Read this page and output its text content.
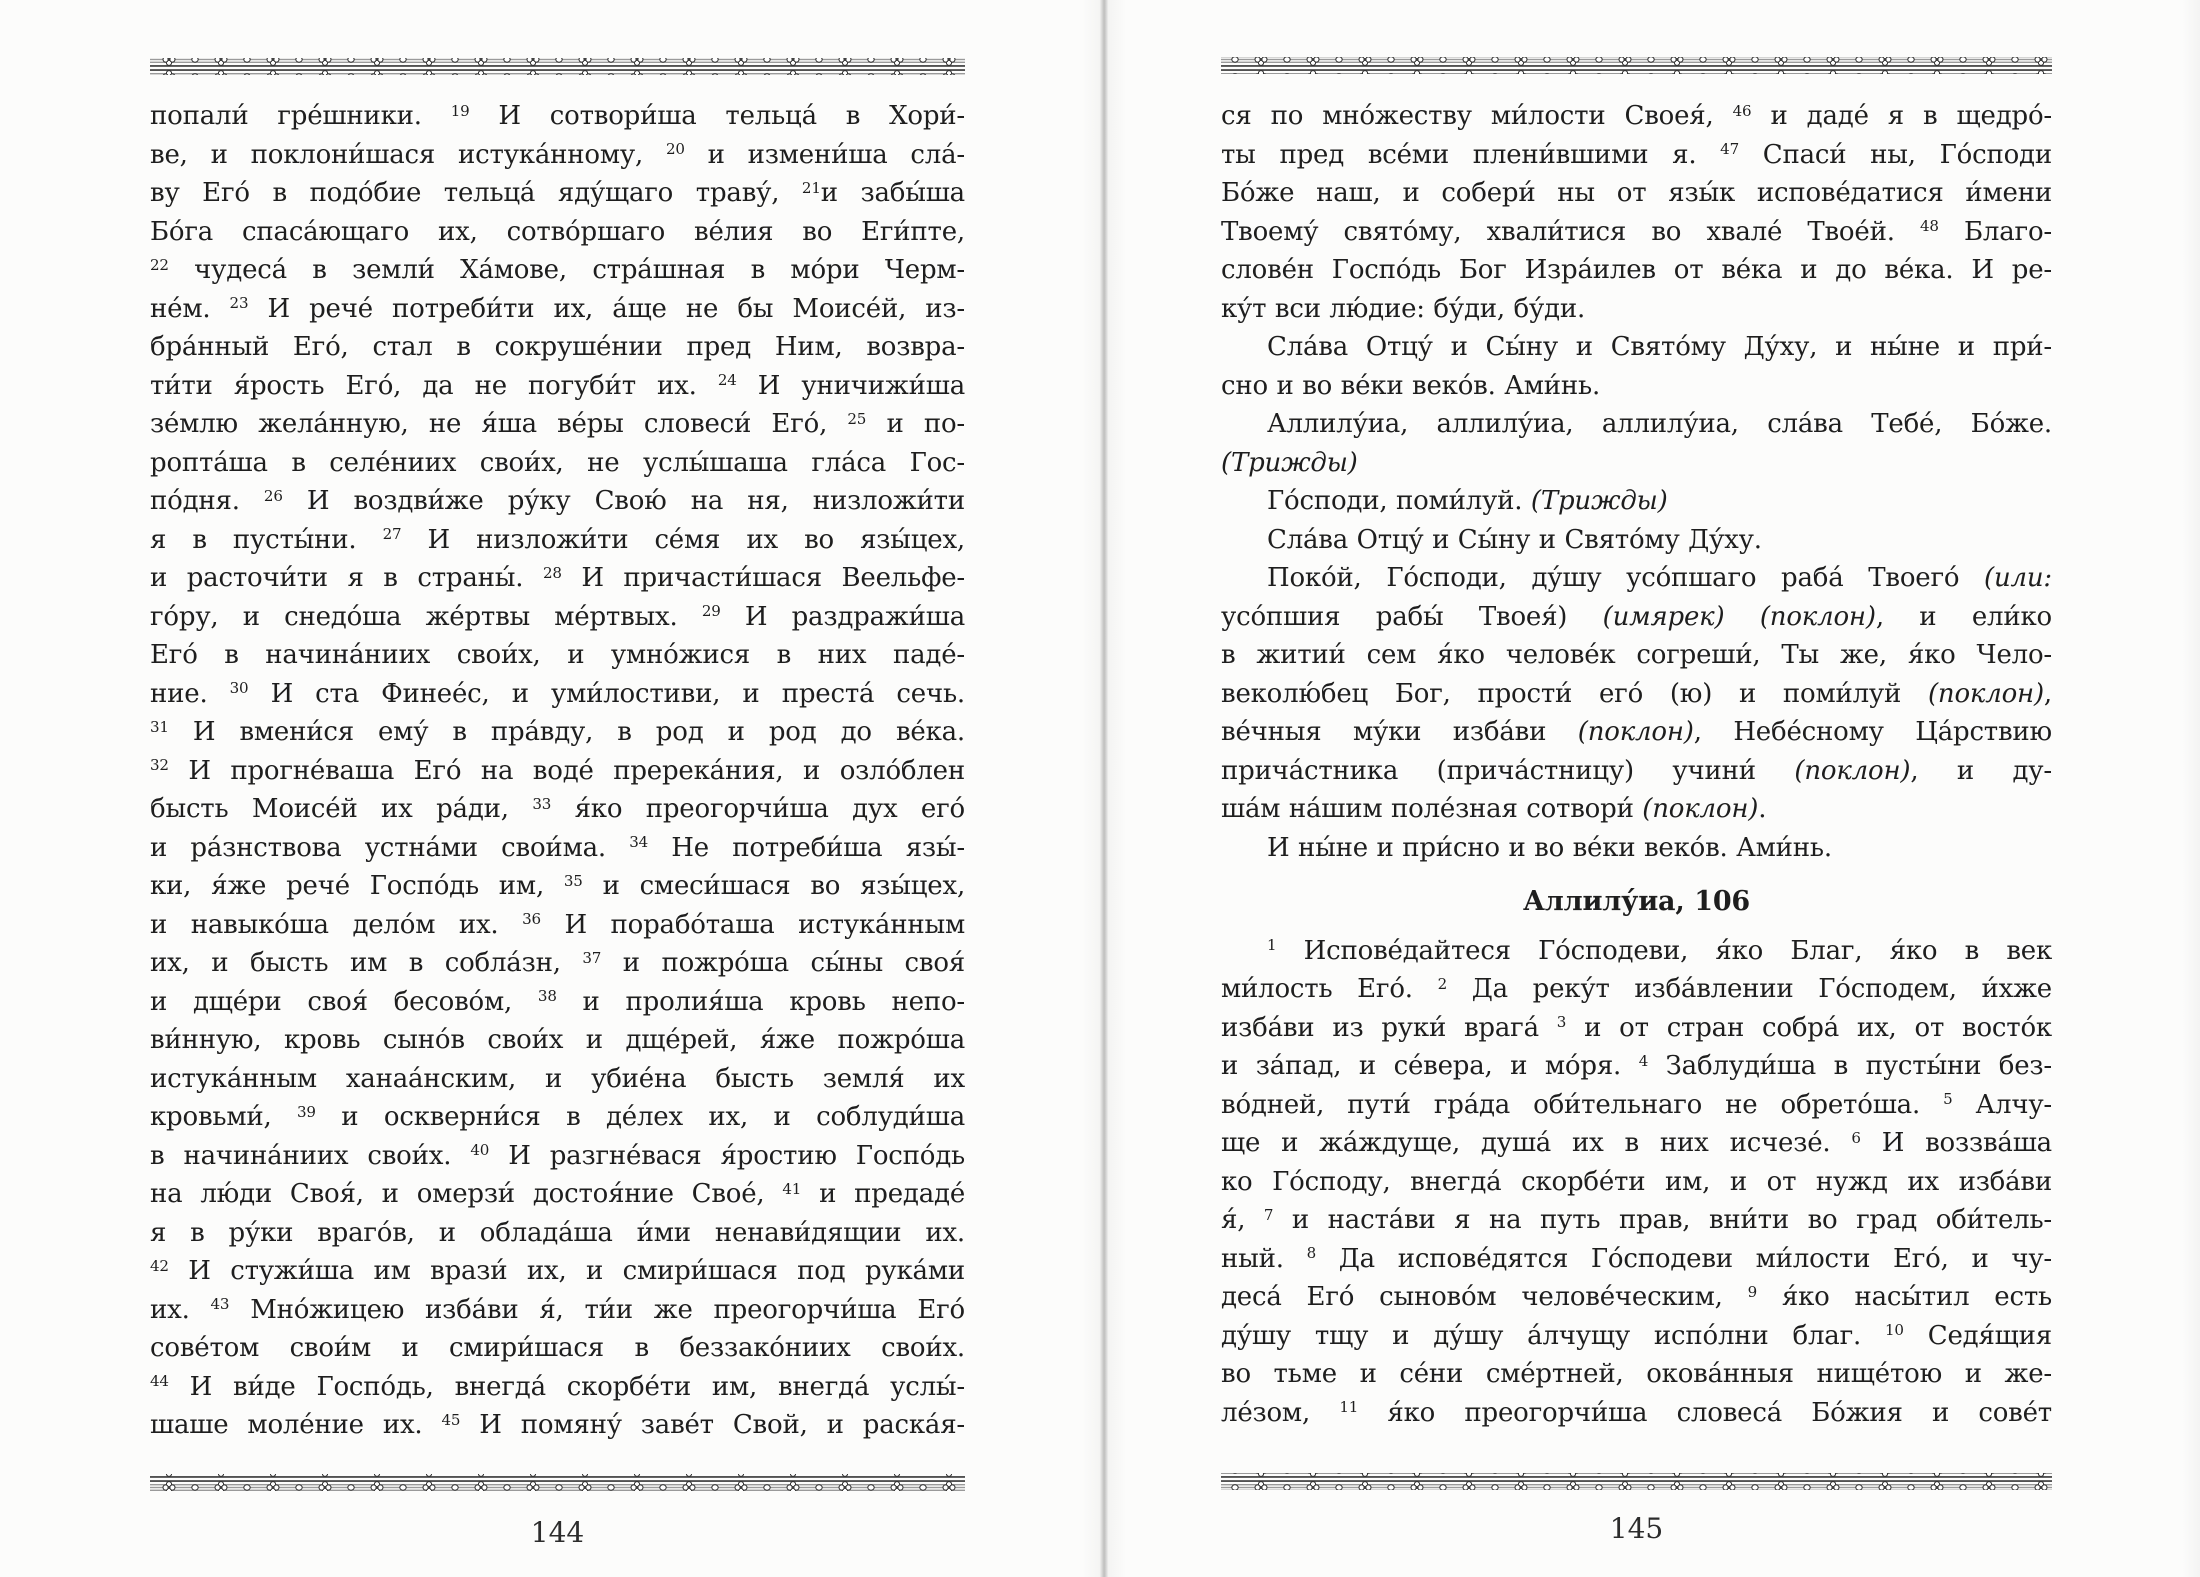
попали́ гре́шники. $^{19}$ И сотвори́ша тельца́ в Хори́-
ве, и поклони́шася истука́нному, $^{20}$ и измени́ша сла́-
ву Его́ в подо́бие тельца́ яду́щаго траву́, $^{21}$и забы́ша
Бо́га спаса́ющаго их, сотво́ршаго ве́лия во Еги́пте,
$^{22}$ чудеса́ в земли́ Ха́мове, стра́шная в мо́ри Черм-
не́м. $^{23}$ И рече́ потреби́ти их, а́ще не бы Моисе́й, из-
бра́нный Его́, стал в сокруше́нии пред Ним, возвра-
ти́ти я́рость Его́, да не погуби́т их. $^{24}$ И уничижи́ша
зе́млю жела́нную, не я́ша ве́ры словеси́ Его́, $^{25}$ и по-
ропта́ша в селе́ниих свои́х, не услы́шаша гла́са Гос-
по́дня. $^{26}$ И воздви́же ру́ку Свою́ на ня, низложи́ти
я в пусты́ни. $^{27}$ И низложи́ти се́мя их во язы́цех,
и расточи́ти я в страны́. $^{28}$ И причасти́шася Веельфе-
го́ру, и снедо́ша же́ртвы ме́ртвых. $^{29}$ И раздражи́ша
Его́ в начина́ниих свои́х, и умно́жися в них паде́-
ние. $^{30}$ И ста Финее́с, и уми́лостиви, и преста́ сечь.
$^{31}$ И вмени́ся ему́ в пра́вду, в род и род до ве́ка.
$^{32}$ И прогне́ваша Его́ на воде́ пререка́ния, и озло́блен
бысть Моисе́й их ра́ди, $^{33}$ я́ко преогорчи́ша дух его́
и ра́знствова устна́ми свои́ма. $^{34}$ Не потреби́ша язы́-
ки, я́же рече́ Госпо́дь им, $^{35}$ и смеси́шася во язы́цех,
и навыко́ша дело́м их. $^{36}$ И порабо́таша истука́нным
их, и бысть им в собла́зн, $^{37}$ и пожро́ша сы́ны своя́
и дще́ри своя́ бесово́м, $^{38}$ и пролия́ша кровь непо-
ви́нную, кровь сыно́в свои́х и дще́рей, я́же пожро́ша
истука́нным ханаа́нским, и убие́на бысть земля́ их
кровьми́, $^{39}$ и оскверни́ся в де́лех их, и соблуди́ша
в начина́ниих свои́х. $^{40}$ И разгне́вася я́ростию Госпо́дь
на лю́ди Своя́, и омерзи́ достоя́ние Свое́, $^{41}$ и предаде́
я в ру́ки враго́в, и облада́ша и́ми ненави́дящии их.
$^{42}$ И стужи́ша им врази́ их, и смири́шася под рука́ми
их. $^{43}$ Мно́жицею изба́ви я́, ти́и же преогорчи́ша Его́
сове́том свои́м и смири́шася в беззако́ниих свои́х.
$^{44}$ И ви́де Госпо́дь, внегда́ скорбе́ти им, внегда́ услы́-
шаше моле́ние их. $^{45}$ И помяну́ заве́т Свой, и раска́я-
144
ся по мно́жеству ми́лости Своея́, $^{46}$ и даде́ я в щедро́-
ты пред все́ми плени́вшими я. $^{47}$ Спаси́ ны, Го́споди
Бо́же наш, и собери́ ны от язы́к испове́датися и́мени
Твоему́ свято́му, хвали́тися во хвале́ Твое́й. $^{48}$ Благо-
слове́н Госпо́дь Бог Изра́илев от ве́ка и до ве́ка. И ре-
ку́т вси лю́дие: бу́ди, бу́ди.
Сла́ва Отцу́ и Сы́ну и Свято́му Ду́ху, и ны́не и при́-
сно и во ве́ки веко́в. Ами́нь.
Аллилу́иа, аллилу́иа, аллилу́иа, сла́ва Тебе́, Бо́же.
(Трижды)
Го́споди, поми́луй. (Трижды)
Сла́ва Отцу́ и Сы́ну и Свято́му Ду́ху.
Поко́й, Го́споди, ду́шу усо́пшаго раба́ Твоего́ (или:
усо́пшия рабы́ Твоея́) (имярек) (поклон), и ели́ко
в житии́ сем я́ко челове́к согреши́, Ты же, я́ко Чело-
веколю́бец Бог, прости́ его́ (ю) и поми́луй (поклон),
ве́чныя му́ки изба́ви (поклон), Небе́сному Ца́рствию
прича́стника (прича́стницу) учини́ (поклон), и ду-
ша́м на́шим поле́зная сотвори́ (поклон).
И ны́не и при́сно и во ве́ки веко́в. Ами́нь.
Аллилу́иа, 106
$^1$ Испове́дайтеся Го́сподеви, я́ко Благ, я́ко в век
ми́лость Его́. $^2$ Да реку́т изба́влении Го́сподем, и́хже
изба́ви из руки́ врага́ $^3$ и от стран собра́ их, от восто́к
и за́пад, и се́вера, и мо́ря. $^4$ Заблуди́ша в пусты́ни без-
во́дней, пути́ гра́да оби́тельнаго не обрето́ша. $^5$ Алчу-
ще и жа́ждуще, душа́ их в них исчезе́. $^6$ И воззва́ша
ко Го́споду, внегда́ скорбе́ти им, и от нужд их изба́ви
я́, $^7$ и наста́ви я на путь прав, вни́ти во град оби́тель-
ный. $^8$ Да испове́дятся Го́сподеви ми́лости Его́, и чу-
деса́ Его́ сыново́м челове́ческим, $^9$ я́ко насы́тил есть
ду́шу тщу и ду́шу а́лчущу испо́лни благ. $^{10}$ Седя́щия
во тьме и се́ни сме́ртней, окова́нныя нище́тою и же-
ле́зом, $^{11}$ я́ко преогорчи́ша словеса́ Бо́жия и сове́т
145
